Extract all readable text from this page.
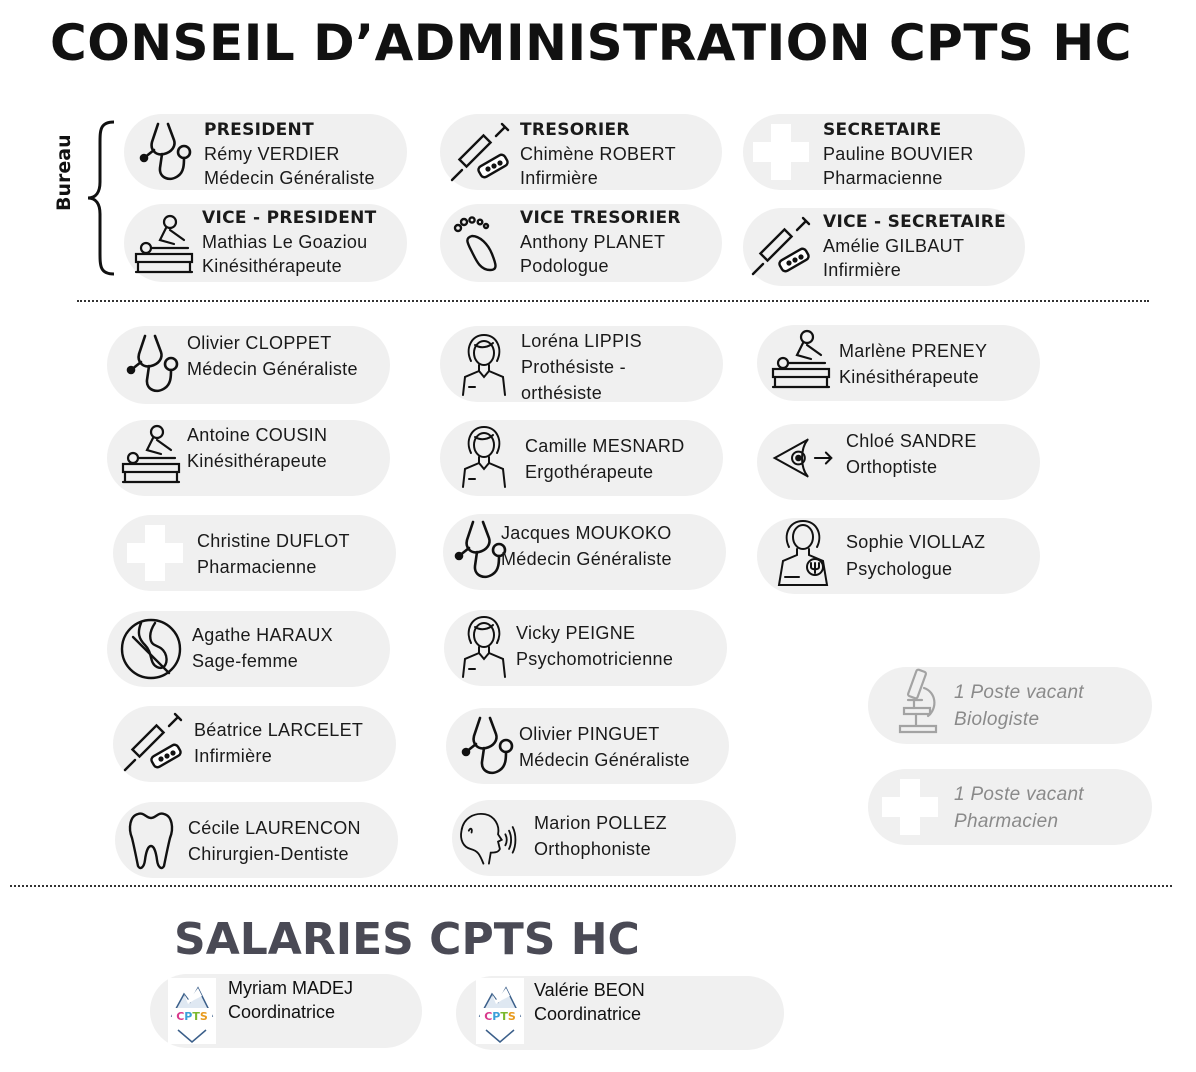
CONSEIL D’ADMINISTRATION CPTS HC
Bureau
PRESIDENT
Rémy VERDIER
Médecin Généraliste
TRESORIER
Chimène ROBERT
Infirmière
SECRETAIRE
Pauline BOUVIER
Pharmacienne
VICE - PRESIDENT
Mathias Le Goaziou
Kinésithérapeute
VICE TRESORIER
Anthony PLANET
Podologue
VICE - SECRETAIRE
Amélie GILBAUT
Infirmière
Olivier CLOPPET
Médecin Généraliste
Antoine COUSIN
Kinésithérapeute
Christine DUFLOT
Pharmacienne
Agathe HARAUX
Sage-femme
Béatrice LARCELET
Infirmière
Cécile LAURENCON
Chirurgien-Dentiste
Loréna LIPPIS
Prothésiste -
orthésiste
Camille MESNARD
Ergothérapeute
Jacques MOUKOKO
Médecin Généraliste
Vicky PEIGNE
Psychomotricienne
Olivier PINGUET
Médecin Généraliste
Marion POLLEZ
Orthophoniste
Marlène PRENEY
Kinésithérapeute
Chloé SANDRE
Orthoptiste
Sophie VIOLLAZ
Psychologue
1 Poste vacant
Biologiste
1 Poste vacant
Pharmacien
SALARIES CPTS HC
CPTS
Myriam MADEJ
Coordinatrice	CPTS
Valérie BEON
Coordinatrice
